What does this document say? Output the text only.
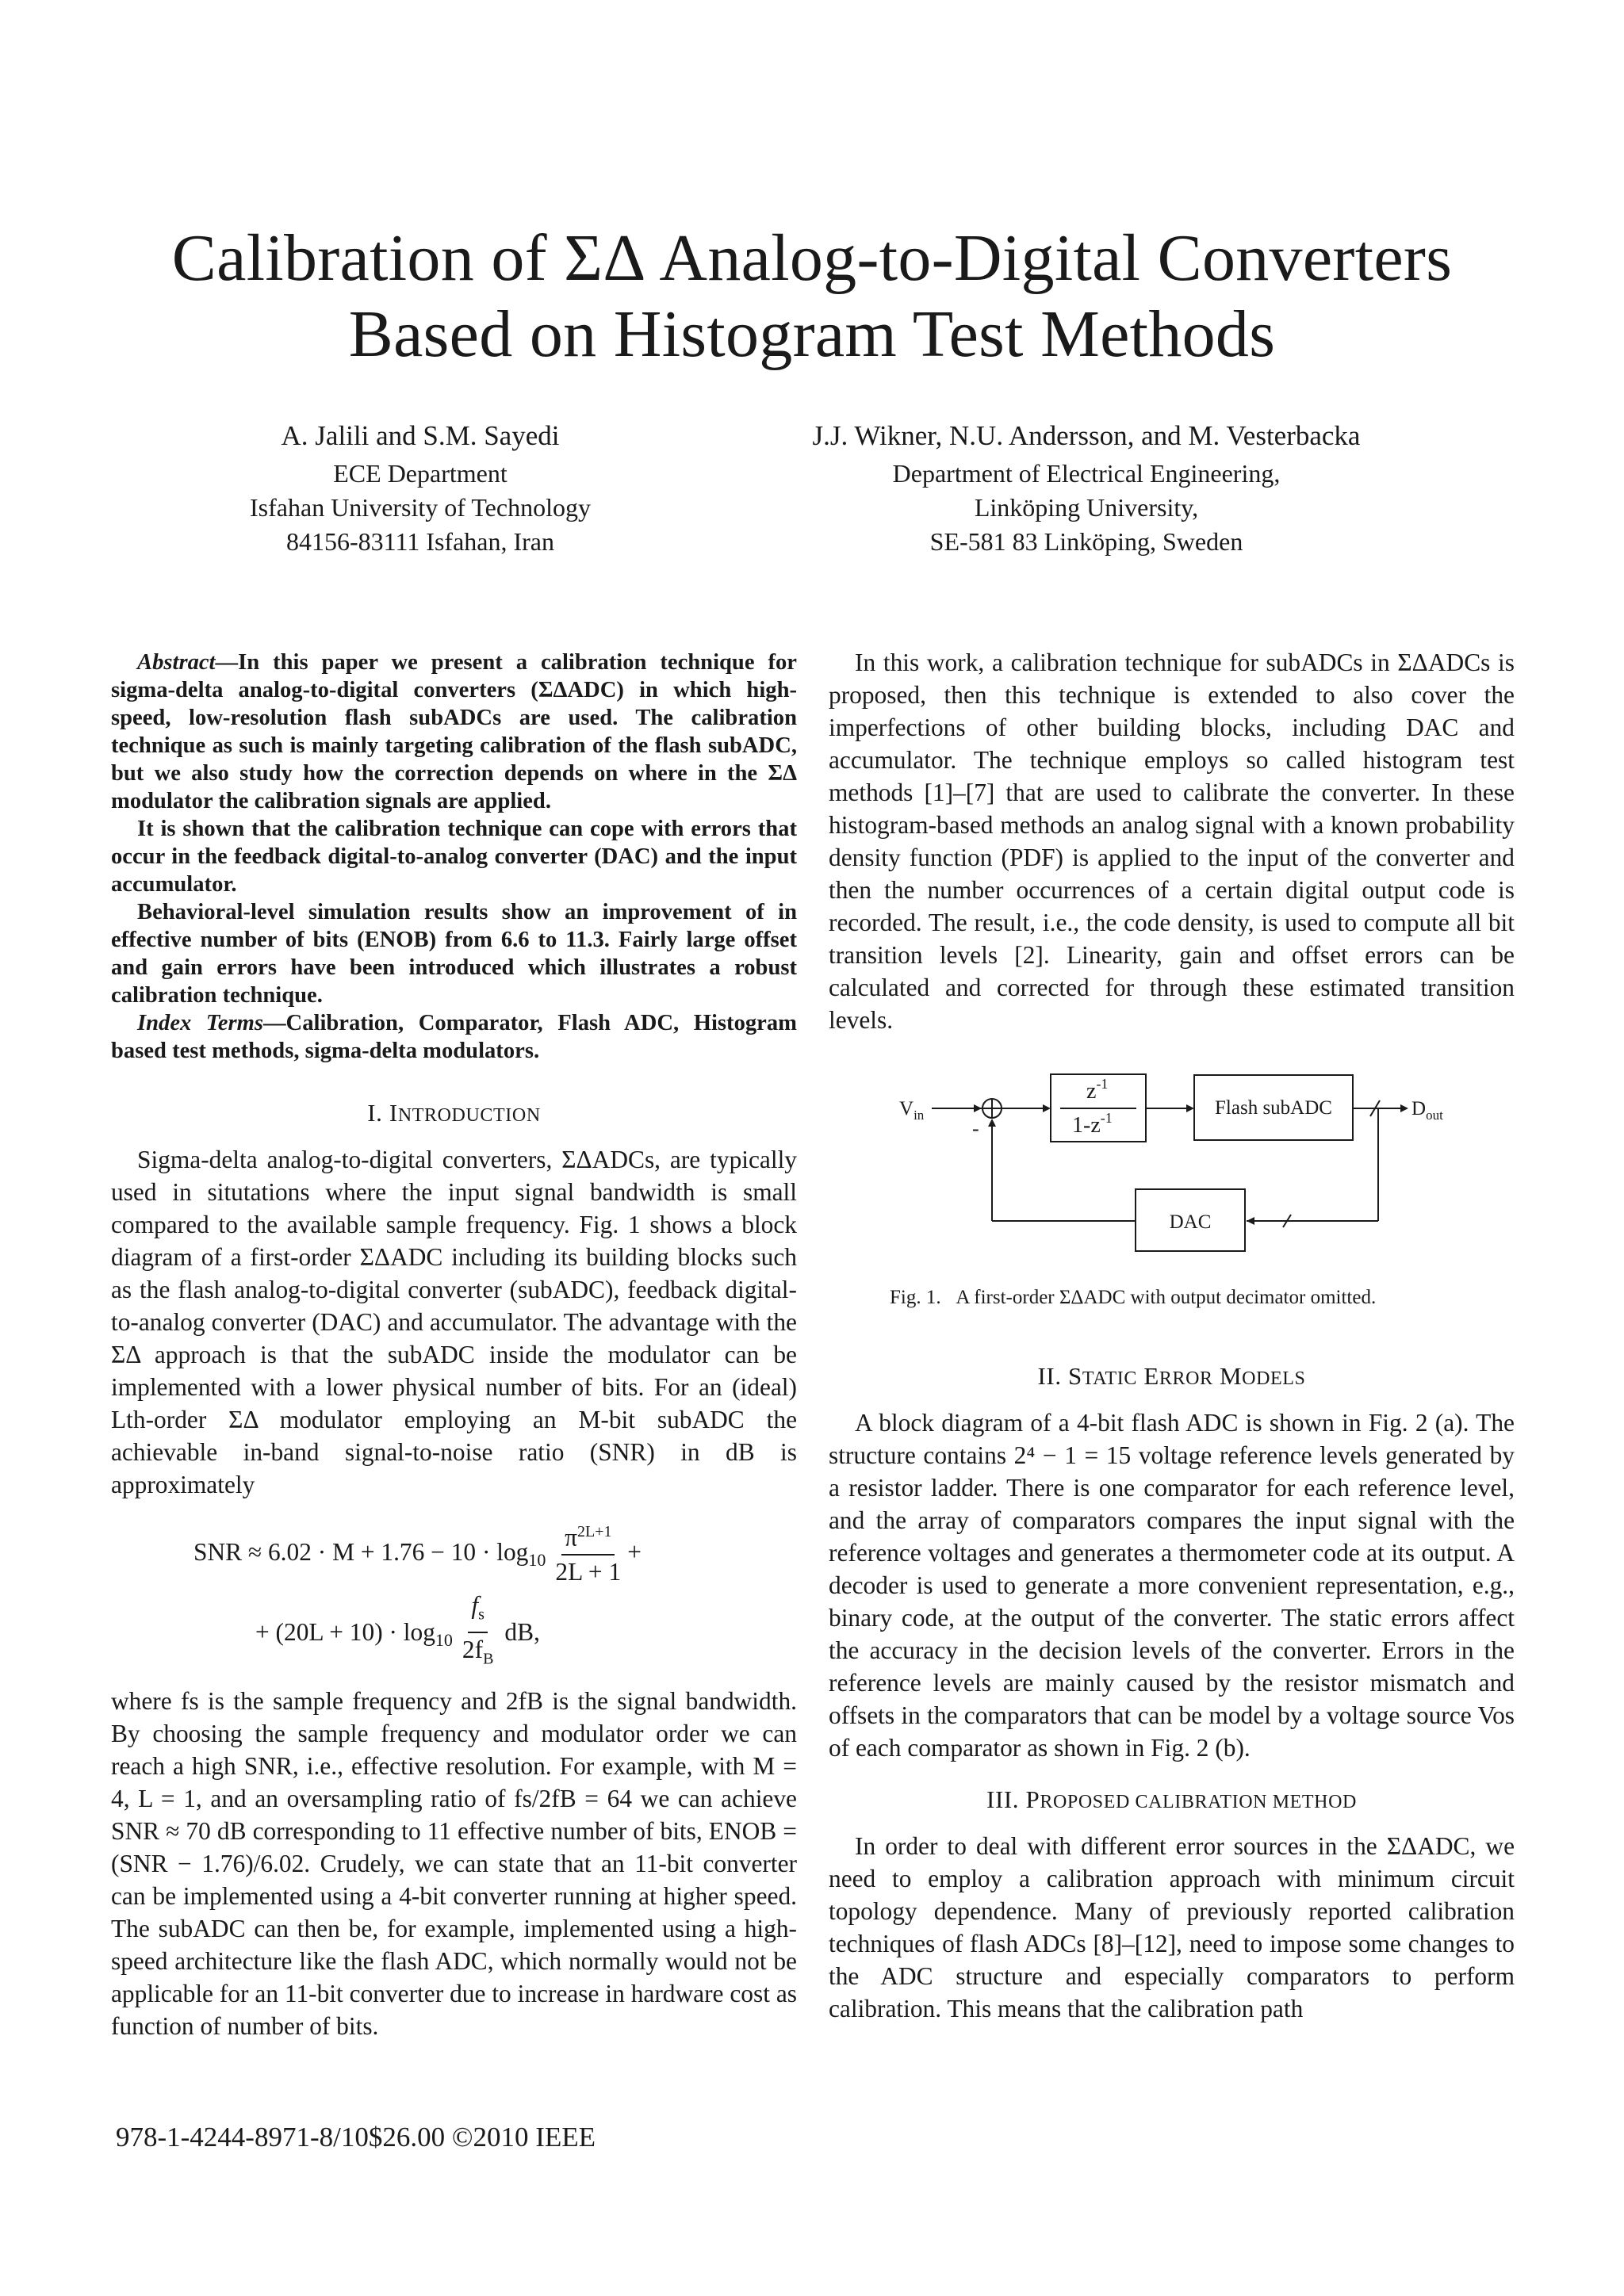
Calibration of ΣΔ Analog-to-Digital Converters
Based on Histogram Test Methods
A. Jalili and S.M. Sayedi
ECE Department
Isfahan University of Technology
84156-83111 Isfahan, Iran
J.J. Wikner, N.U. Andersson, and M. Vesterbacka
Department of Electrical Engineering,
Linköping University,
SE-581 83 Linköping, Sweden

Abstract—In this paper we present a calibration technique for sigma-delta analog-to-digital converters (ΣΔADC) in which high-speed, low-resolution flash subADCs are used. The calibration technique as such is mainly targeting calibration of the flash subADC, but we also study how the correction depends on where in the ΣΔ modulator the calibration signals are applied.

It is shown that the calibration technique can cope with errors that occur in the feedback digital-to-analog converter (DAC) and the input accumulator.

Behavioral-level simulation results show an improvement of in effective number of bits (ENOB) from 6.6 to 11.3. Fairly large offset and gain errors have been introduced which illustrates a robust calibration technique.

Index Terms—Calibration, Comparator, Flash ADC, Histogram based test methods, sigma-delta modulators.

I. INTRODUCTION

Sigma-delta analog-to-digital converters, ΣΔADCs, are typically used in situtations where the input signal bandwidth is small compared to the available sample frequency. Fig. 1 shows a block diagram of a first-order ΣΔADC including its building blocks such as the flash analog-to-digital converter (subADC), feedback digital-to-analog converter (DAC) and accumulator. The advantage with the ΣΔ approach is that the subADC inside the modulator can be implemented with a lower physical number of bits. For an (ideal) Lth-order ΣΔ modulator employing an M-bit subADC the achievable in-band signal-to-noise ratio (SNR) in dB is approximately

SNR ≈ $6.02 \cdot M + 1.76 - 10 \cdot \log 10 \frac{\pi^{2L+1}}{2L + 1}$ +
+ $(20L + 10) \cdot \log 10 \frac{f_s}{2f_B}$ dB,

where fs is the sample frequency and 2fB is the signal bandwidth. By choosing the sample frequency and modulator order we can reach a high SNR, i.e., effective resolution. For example, with M = 4, L = 1, and an oversampling ratio of fs/2fB = 64 we can achieve SNR ≈ 70 dB corresponding to 11 effective number of bits, ENOB = (SNR − 1.76)/6.02. Crudely, we can state that an 11-bit converter can be implemented using a 4-bit converter running at higher speed. The subADC can then be, for example, implemented using a high-speed architecture like the flash ADC, which normally would not be applicable for an 11-bit converter due to increase in hardware cost as function of number of bits.

In this work, a calibration technique for subADCs in ΣΔADCs is proposed, then this technique is extended to also cover the imperfections of other building blocks, including DAC and accumulator. The technique employs so called histogram test methods [1]–[7] that are used to calibrate the converter. In these histogram-based methods an analog signal with a known probability density function (PDF) is applied to the input of the converter and then the number occurrences of a certain digital output code is recorded. The result, i.e., the code density, is used to compute all bit transition levels [2]. Linearity, gain and offset errors can be calculated and corrected for through these estimated transition levels.

$V_{in}$
-
$z^{-1}$
$1-z^{-1}$	Flash subADC	$D_{out}$
DAC
Fig. 1. A first-order ΣΔADC with output decimator omitted.
II. STATIC ERROR MODELS

A block diagram of a 4-bit flash ADC is shown in Fig. 2 (a). The structure contains 2⁴ − 1 = 15 voltage reference levels generated by a resistor ladder. There is one comparator for each reference level, and the array of comparators compares the input signal with the reference voltages and generates a thermometer code at its output. A decoder is used to generate a more convenient representation, e.g., binary code, at the output of the converter. The static errors affect the accuracy in the decision levels of the converter. Errors in the reference levels are mainly caused by the resistor mismatch and offsets in the comparators that can be model by a voltage source Vos of each comparator as shown in Fig. 2 (b).

III. PROPOSED CALIBRATION METHOD

In order to deal with different error sources in the ΣΔADC, we need to employ a calibration approach with minimum circuit topology dependence. Many of previously reported calibration techniques of flash ADCs [8]–[12], need to impose some changes to the ADC structure and especially comparators to perform calibration. This means that the calibration path

978-1-4244-8971-8/10$26.00 ©2010 IEEE
